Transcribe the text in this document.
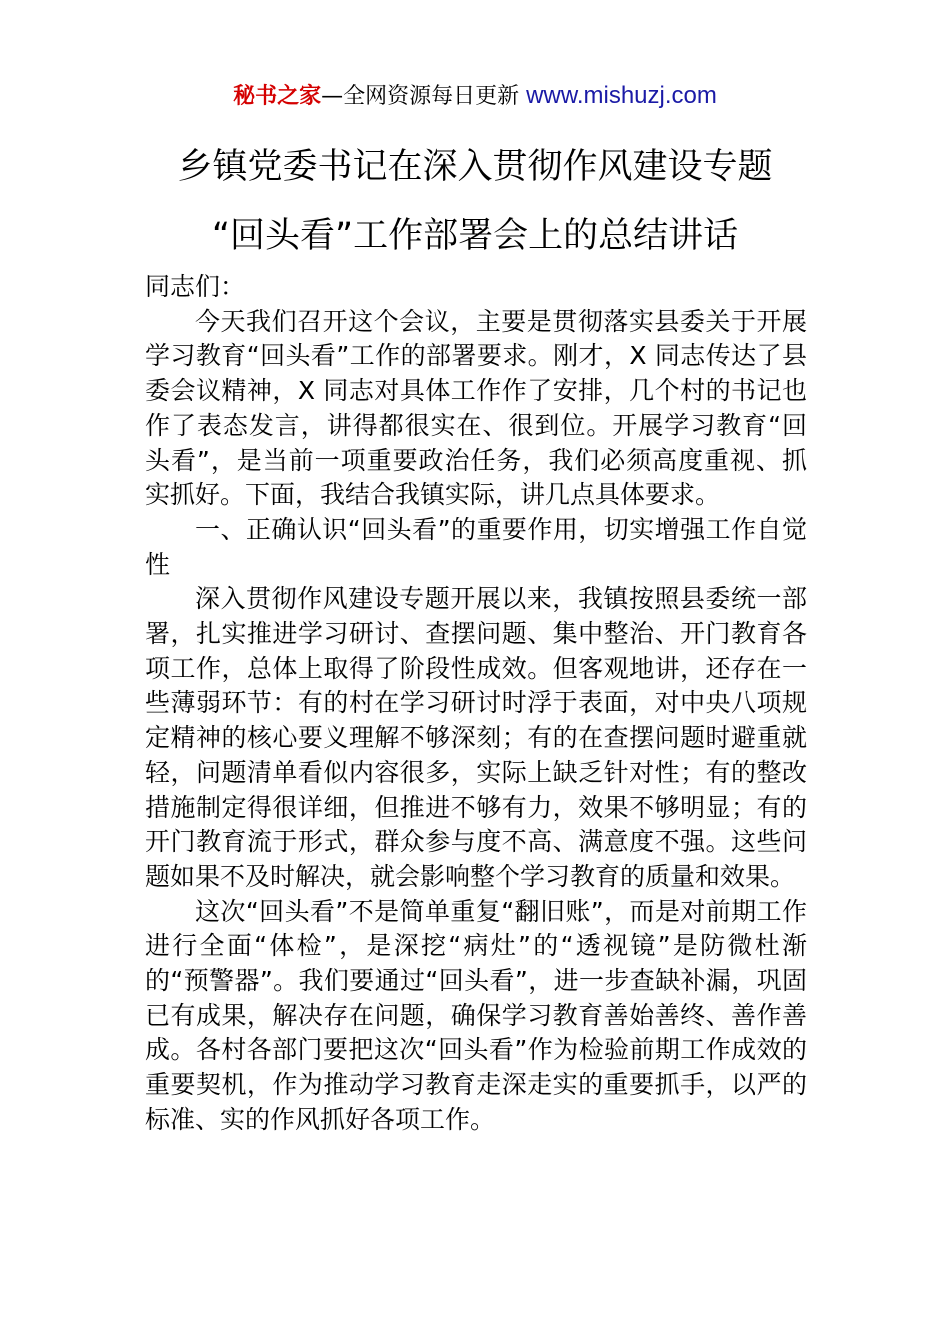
秘书之家—全网资源每日更新 www.mishuzj.com
乡镇党委书记在深入贯彻作风建设专题
“回头看”工作部署会上的总结讲话

同志们：

今天我们召开这个会议，主要是贯彻落实县委关于开展学习教育“回头看”工作的部署要求。刚才，X 同志传达了县委会议精神，X 同志对具体工作作了安排，几个村的书记也作了表态发言，讲得都很实在、很到位。开展学习教育“回头看”，是当前一项重要政治任务，我们必须高度重视、抓实抓好。下面，我结合我镇实际，讲几点具体要求。

一、正确认识“回头看”的重要作用，切实增强工作自觉性

深入贯彻作风建设专题开展以来，我镇按照县委统一部署，扎实推进学习研讨、查摆问题、集中整治、开门教育各项工作，总体上取得了阶段性成效。但客观地讲，还存在一些薄弱环节：有的村在学习研讨时浮于表面，对中央八项规定精神的核心要义理解不够深刻；有的在查摆问题时避重就轻，问题清单看似内容很多，实际上缺乏针对性；有的整改措施制定得很详细，但推进不够有力，效果不够明显；有的开门教育流于形式，群众参与度不高、满意度不强。这些问题如果不及时解决，就会影响整个学习教育的质量和效果。

这次“回头看”不是简单重复“翻旧账”，而是对前期工作进行全面“体检”，是深挖“病灶”的“透视镜”是防微杜渐的“预警器”。我们要通过“回头看”，进一步查缺补漏，巩固已有成果，解决存在问题，确保学习教育善始善终、善作善成。各村各部门要把这次“回头看”作为检验前期工作成效的重要契机，作为推动学习教育走深走实的重要抓手，以严的标准、实的作风抓好各项工作。
